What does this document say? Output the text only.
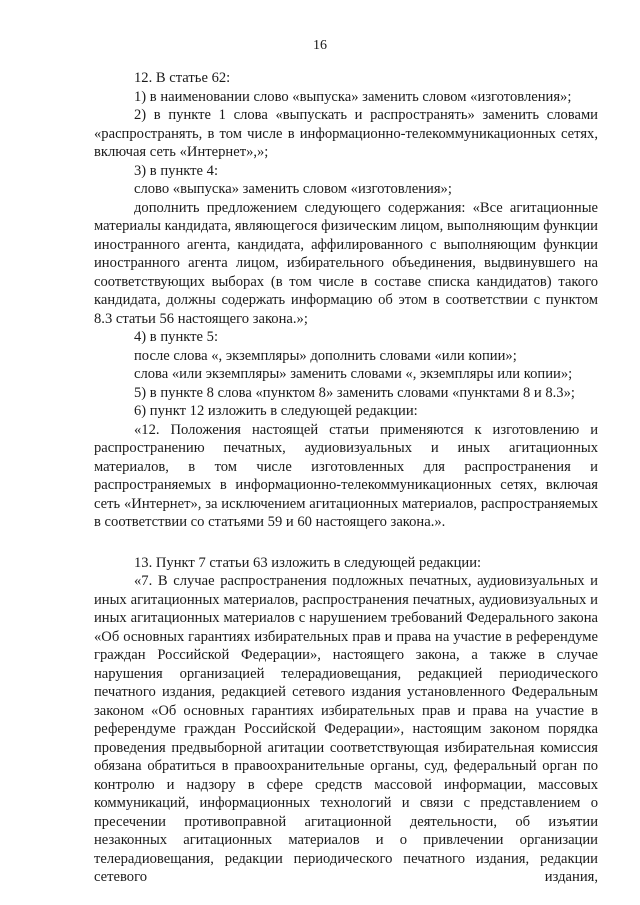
16

12. В статье 62:

1) в наименовании слово «выпуска» заменить словом «изготовления»;

2) в пункте 1 слова «выпускать и распространять» заменить словами «распространять, в том числе в информационно-телекоммуникационных сетях, включая сеть «Интернет»,»;

3) в пункте 4:

слово «выпуска» заменить словом «изготовления»;

дополнить предложением следующего содержания: «Все агитационные материалы кандидата, являющегося физическим лицом, выполняющим функции иностранного агента, кандидата, аффилированного с выполняющим функции иностранного агента лицом, избирательного объединения, выдвинувшего на соответствующих выборах (в том числе в составе списка кандидатов) такого кандидата, должны содержать информацию об этом в соответствии с пунктом 8.3 статьи 56 настоящего закона.»;

4) в пункте 5:

после слова «, экземпляры» дополнить словами «или копии»;

слова «или экземпляры» заменить словами «, экземпляры или копии»;

5) в пункте 8 слова «пунктом 8» заменить словами «пунктами 8 и 8.3»;

6) пункт 12 изложить в следующей редакции:

«12. Положения настоящей статьи применяются к изготовлению и распространению печатных, аудиовизуальных и иных агитационных материалов, в том числе изготовленных для распространения и распространяемых в информационно-телекоммуникационных сетях, включая сеть «Интернет», за исключением агитационных материалов, распространяемых в соответствии со статьями 59 и 60 настоящего закона.».

13. Пункт 7 статьи 63 изложить в следующей редакции:

«7. В случае распространения подложных печатных, аудиовизуальных и иных агитационных материалов, распространения печатных, аудиовизуальных и иных агитационных материалов с нарушением требований Федерального закона «Об основных гарантиях избирательных прав и права на участие в референдуме граждан Российской Федерации», настоящего закона, а также в случае нарушения организацией телерадиовещания, редакцией периодического печатного издания, редакцией сетевого издания установленного Федеральным законом «Об основных гарантиях избирательных прав и права на участие в референдуме граждан Российской Федерации», настоящим законом порядка проведения предвыборной агитации соответствующая избирательная комиссия обязана обратиться в правоохранительные органы, суд, федеральный орган по контролю и надзору в сфере средств массовой информации, массовых коммуникаций, информационных технологий и связи с представлением о пресечении противоправной агитационной деятельности, об изъятии незаконных агитационных материалов и о привлечении организации телерадиовещания, редакции периодического печатного издания, редакции сетевого издания,
